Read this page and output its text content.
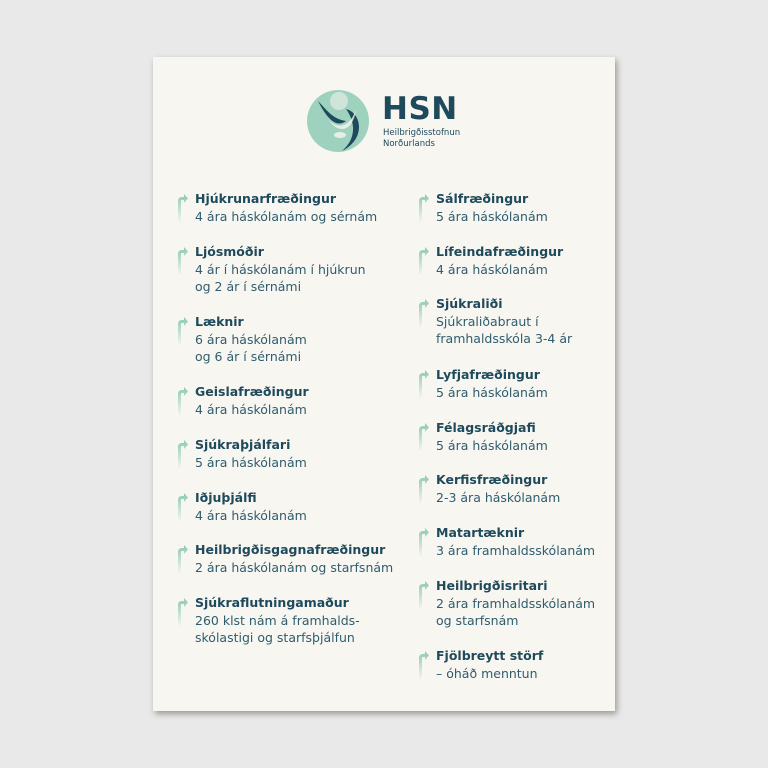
HSN
Heilbrigðisstofnun
Norðurlands
Hjúkrunarfræðingur
4 ára háskólanám og sérnám
Ljósmóðir
4 ár í háskólanám í hjúkrun
og 2 ár í sérnámi
Læknir
6 ára háskólanám
og 6 ár í sérnámi
Geislafræðingur
4 ára háskólanám
Sjúkraþjálfari
5 ára háskólanám
Iðjuþjálfi
4 ára háskólanám
Heilbrigðisgagnafræðingur
2 ára háskólanám og starfsnám
Sjúkraflutningamaður
260 klst nám á framhalds-
skólastigi og starfsþjálfun
Sálfræðingur
5 ára háskólanám
Lífeindafræðingur
4 ára háskólanám
Sjúkraliði
Sjúkraliðabraut í
framhaldsskóla 3-4 ár
Lyfjafræðingur
5 ára háskólanám
Félagsráðgjafi
5 ára háskólanám
Kerfisfræðingur
2-3 ára háskólanám
Matartæknir
3 ára framhaldsskólanám
Heilbrigðisritari
2 ára framhaldsskólanám
og starfsnám
Fjölbreytt störf
– óháð menntun
